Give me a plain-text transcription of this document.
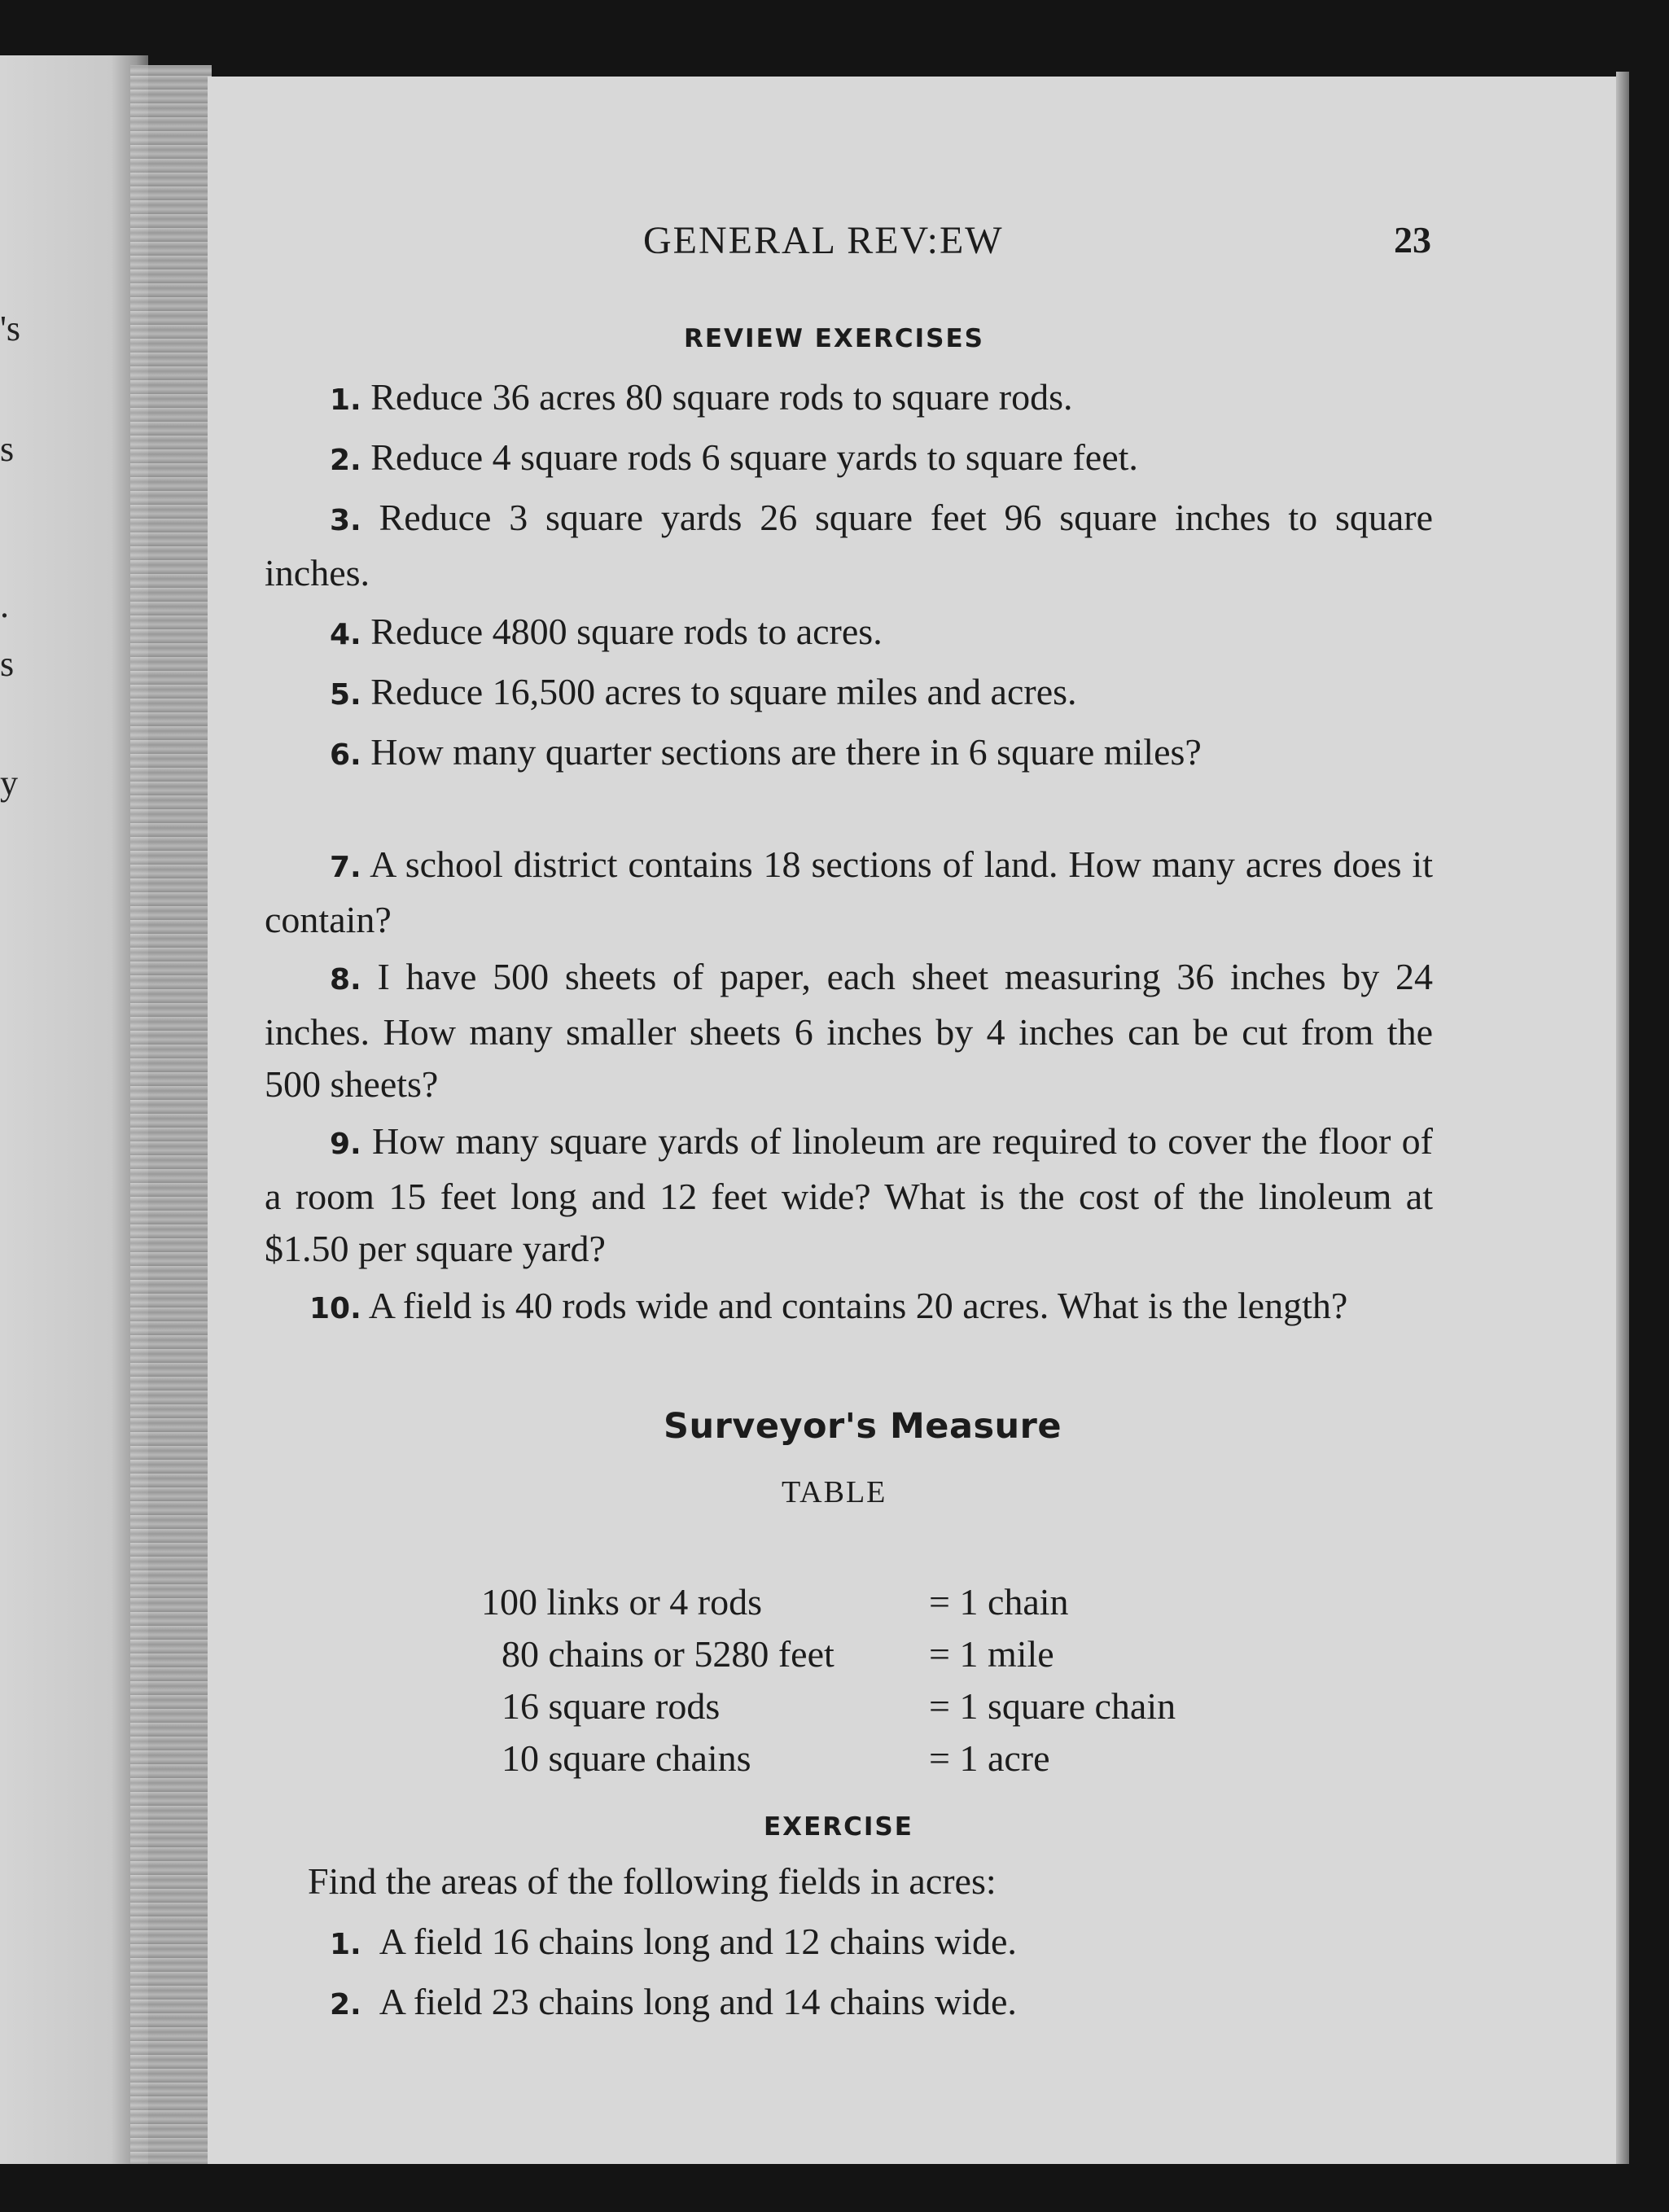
's
s
.
s
y
GENERAL REV:EW	23
REVIEW EXERCISES
1. Reduce 36 acres 80 square rods to square rods.
2. Reduce 4 square rods 6 square yards to square feet.
3. Reduce 3 square yards 26 square feet 96 square inches to square inches.
4. Reduce 4800 square rods to acres.
5. Reduce 16,500 acres to square miles and acres.
6. How many quarter sections are there in 6 square miles?
7. A school district contains 18 sections of land. How many acres does it contain?
8. I have 500 sheets of paper, each sheet measuring 36 inches by 24 inches. How many smaller sheets 6 inches by 4 inches can be cut from the 500 sheets?
9. How many square yards of linoleum are required to cover the floor of a room 15 feet long and 12 feet wide? What is the cost of the linoleum at $1.50 per square yard?
10. A field is 40 rods wide and contains 20 acres. What is the length?
Surveyor's Measure
TABLE

100 links or 4 rods	= 1 chain

80 chains or 5280 feet	= 1 mile

16 square rods	= 1 square chain

10 square chains	= 1 acre

EXERCISE
Find the areas of the following fields in acres:
1. A field 16 chains long and 12 chains wide.
2. A field 23 chains long and 14 chains wide.
